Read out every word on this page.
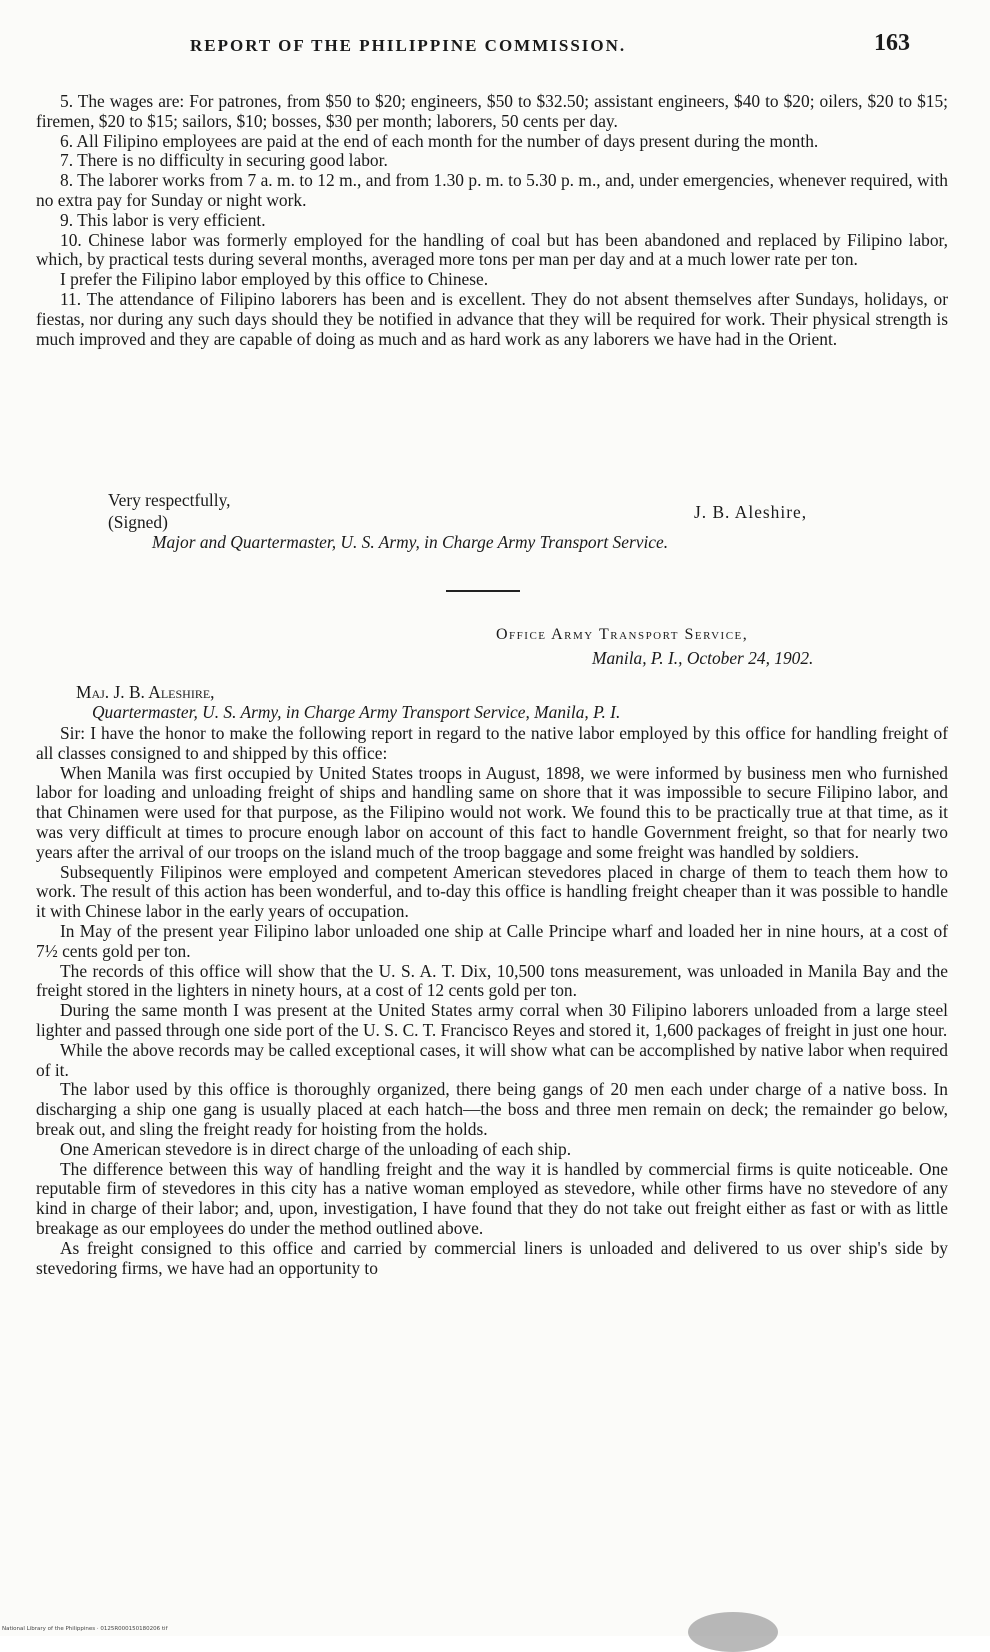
REPORT OF THE PHILIPPINE COMMISSION.	163

5. The wages are: For patrones, from $50 to $20; engineers, $50 to $32.50; assistant engineers, $40 to $20; oilers, $20 to $15; firemen, $20 to $15; sailors, $10; bosses, $30 per month; laborers, 50 cents per day.

6. All Filipino employees are paid at the end of each month for the number of days present during the month.

7. There is no difficulty in securing good labor.

8. The laborer works from 7 a. m. to 12 m., and from 1.30 p. m. to 5.30 p. m., and, under emergencies, whenever required, with no extra pay for Sunday or night work.

9. This labor is very efficient.

10. Chinese labor was formerly employed for the handling of coal but has been abandoned and replaced by Filipino labor, which, by practical tests during several months, averaged more tons per man per day and at a much lower rate per ton.

I prefer the Filipino labor employed by this office to Chinese.

11. The attendance of Filipino laborers has been and is excellent. They do not absent themselves after Sundays, holidays, or fiestas, nor during any such days should they be notified in advance that they will be required for work. Their physical strength is much improved and they are capable of doing as much and as hard work as any laborers we have had in the Orient.

Very respectfully,
(Signed)	J. B. Aleshire,
Major and Quartermaster, U. S. Army, in Charge Army Transport Service.
Office Army Transport Service,
Manila, P. I., October 24, 1902.
Maj. J. B. Aleshire,
Quartermaster, U. S. Army, in Charge Army Transport Service, Manila, P. I.

Sir: I have the honor to make the following report in regard to the native labor employed by this office for handling freight of all classes consigned to and shipped by this office:

When Manila was first occupied by United States troops in August, 1898, we were informed by business men who furnished labor for loading and unloading freight of ships and handling same on shore that it was impossible to secure Filipino labor, and that Chinamen were used for that purpose, as the Filipino would not work. We found this to be practically true at that time, as it was very difficult at times to procure enough labor on account of this fact to handle Government freight, so that for nearly two years after the arrival of our troops on the island much of the troop baggage and some freight was handled by soldiers.

Subsequently Filipinos were employed and competent American stevedores placed in charge of them to teach them how to work. The result of this action has been wonderful, and to-day this office is handling freight cheaper than it was possible to handle it with Chinese labor in the early years of occupation.

In May of the present year Filipino labor unloaded one ship at Calle Principe wharf and loaded her in nine hours, at a cost of 7½ cents gold per ton.

The records of this office will show that the U. S. A. T. Dix, 10,500 tons measurement, was unloaded in Manila Bay and the freight stored in the lighters in ninety hours, at a cost of 12 cents gold per ton.

During the same month I was present at the United States army corral when 30 Filipino laborers unloaded from a large steel lighter and passed through one side port of the U. S. C. T. Francisco Reyes and stored it, 1,600 packages of freight in just one hour.

While the above records may be called exceptional cases, it will show what can be accomplished by native labor when required of it.

The labor used by this office is thoroughly organized, there being gangs of 20 men each under charge of a native boss. In discharging a ship one gang is usually placed at each hatch—the boss and three men remain on deck; the remainder go below, break out, and sling the freight ready for hoisting from the holds.

One American stevedore is in direct charge of the unloading of each ship.

The difference between this way of handling freight and the way it is handled by commercial firms is quite noticeable. One reputable firm of stevedores in this city has a native woman employed as stevedore, while other firms have no stevedore of any kind in charge of their labor; and, upon, investigation, I have found that they do not take out freight either as fast or with as little breakage as our employees do under the method outlined above.

As freight consigned to this office and carried by commercial liners is unloaded and delivered to us over ship's side by stevedoring firms, we have had an opportunity to

National Library of the Philippines · 0125R000150180206 tif
